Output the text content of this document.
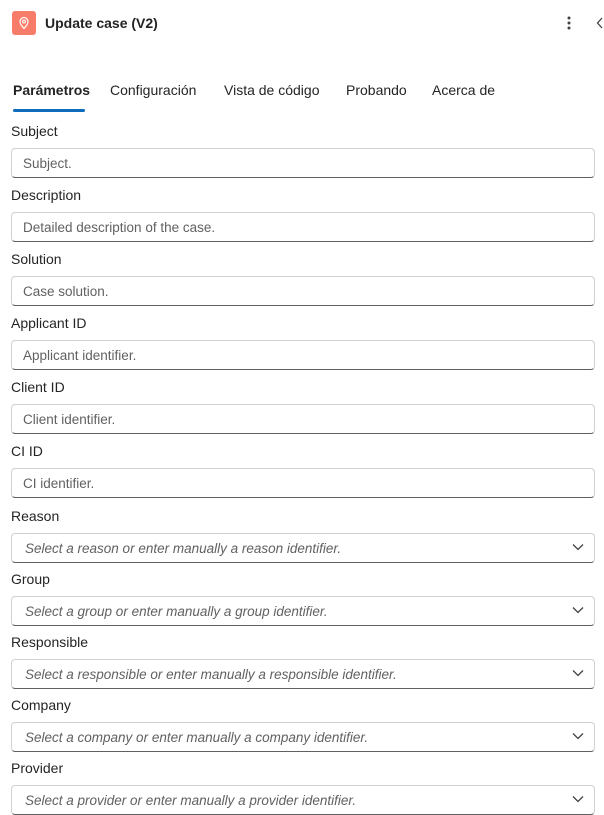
Update case (V2)
Parámetros Configuración Vista de código Probando Acerca de
Subject
Subject.
Description
Detailed description of the case.
Solution
Case solution.
Applicant ID
Applicant identifier.
Client ID
Client identifier.
CI ID
CI identifier.
Reason
Select a reason or enter manually a reason identifier.
Group
Select a group or enter manually a group identifier.
Responsible
Select a responsible or enter manually a responsible identifier.
Company
Select a company or enter manually a company identifier.
Provider
Select a provider or enter manually a provider identifier.
